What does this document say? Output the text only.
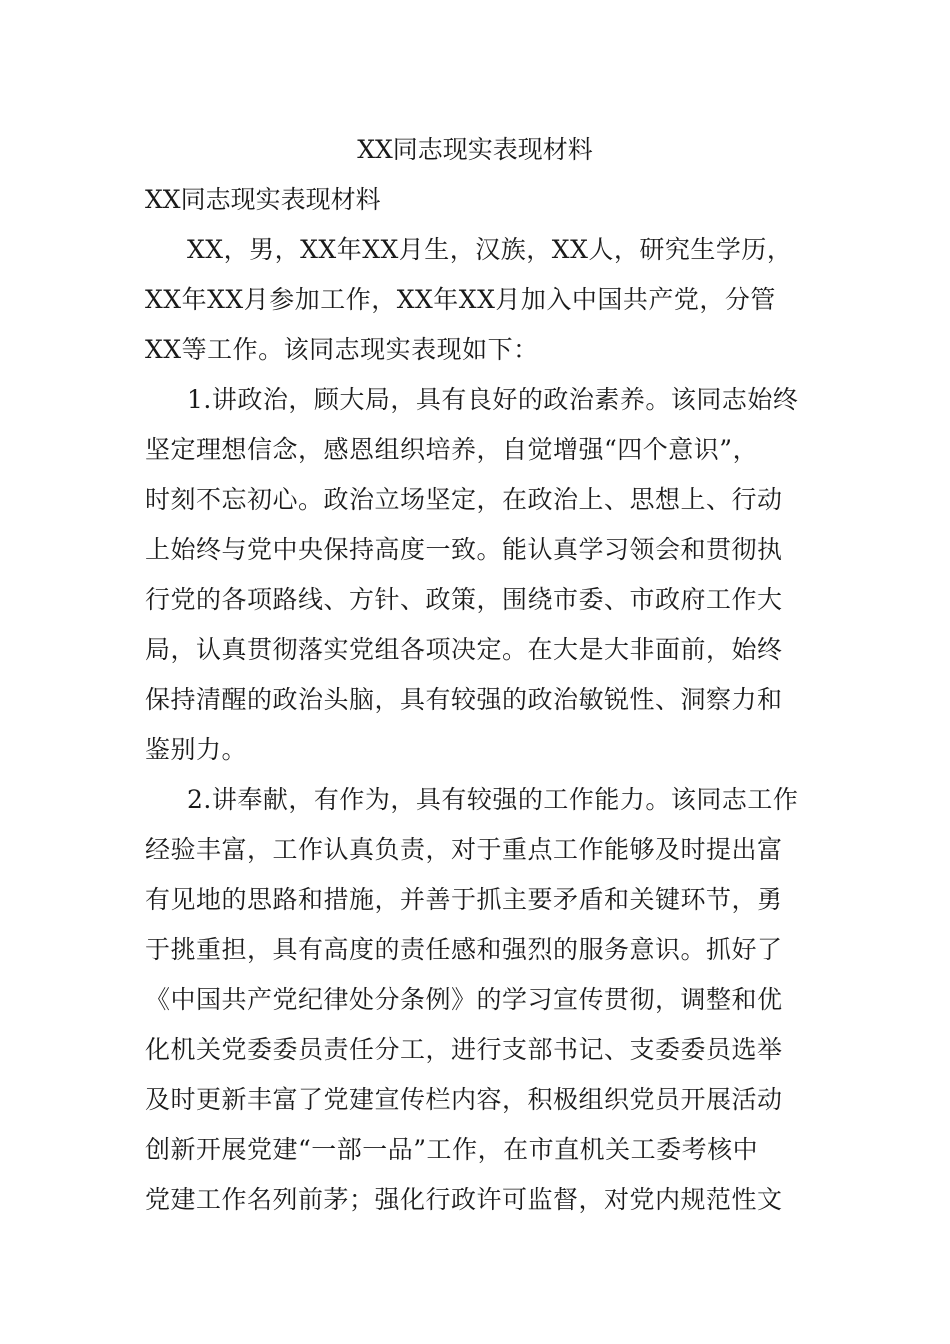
XX同志现实表现材料

XX同志现实表现材料

XX，男，XX年XX月生，汉族，XX人，研究生学历，

XX年XX月参加工作，XX年XX月加入中国共产党，分管

XX等工作。该同志现实表现如下：

1.讲政治，顾大局，具有良好的政治素养。该同志始终

坚定理想信念，感恩组织培养，自觉增强“四个意识”，

时刻不忘初心。政治立场坚定，在政治上、思想上、行动

上始终与党中央保持高度一致。能认真学习领会和贯彻执

行党的各项路线、方针、政策，围绕市委、市政府工作大

局，认真贯彻落实党组各项决定。在大是大非面前，始终

保持清醒的政治头脑，具有较强的政治敏锐性、洞察力和

鉴别力。

2.讲奉献，有作为，具有较强的工作能力。该同志工作

经验丰富，工作认真负责，对于重点工作能够及时提出富

有见地的思路和措施，并善于抓主要矛盾和关键环节，勇

于挑重担，具有高度的责任感和强烈的服务意识。抓好了

《中国共产党纪律处分条例》的学习宣传贯彻，调整和优

化机关党委委员责任分工，进行支部书记、支委委员选举

及时更新丰富了党建宣传栏内容，积极组织党员开展活动

创新开展党建“一部一品”工作，在市直机关工委考核中

党建工作名列前茅；强化行政许可监督，对党内规范性文
